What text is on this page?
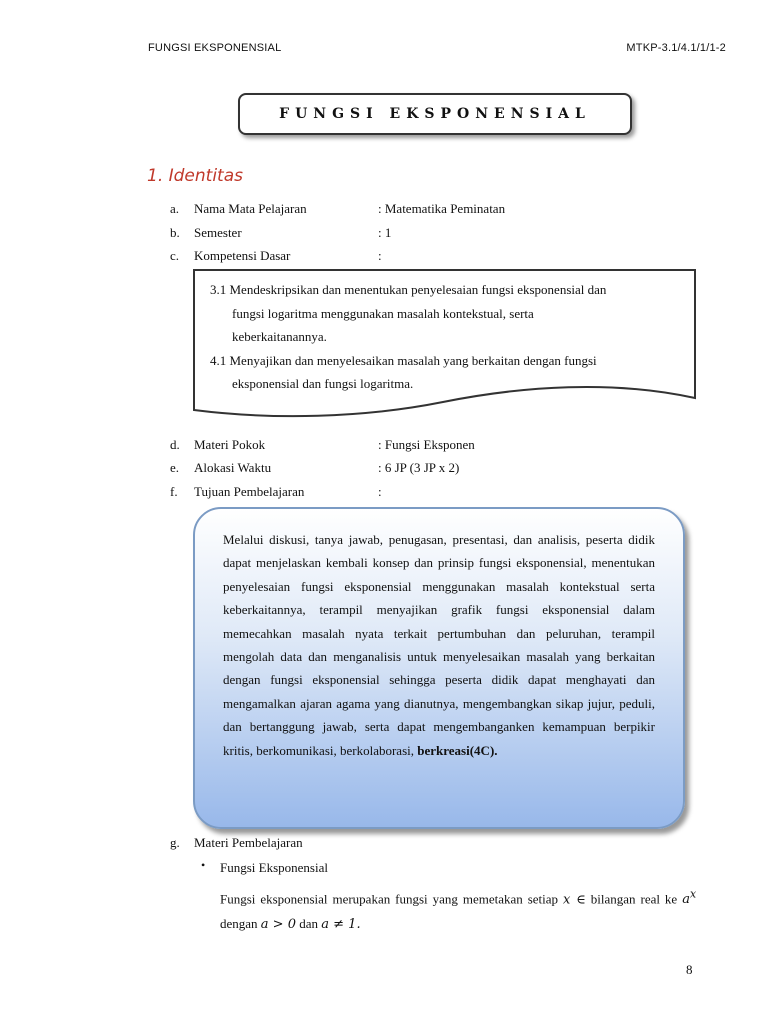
FUNGSI EKSPONENSIAL	MTKP-3.1/4.1/1/1-2
FUNGSI EKSPONENSIAL
1. Identitas
a.	Nama Mata Pelajaran	: Matematika Peminatan
b.	Semester	: 1
c.	Kompetensi Dasar	:
3.1 Mendeskripsikan dan menentukan penyelesaian fungsi eksponensial dan
fungsi logaritma menggunakan masalah kontekstual, serta
keberkaitanannya.
4.1 Menyajikan dan menyelesaikan masalah yang berkaitan dengan fungsi
eksponensial dan fungsi logaritma.
d.	Materi Pokok	: Fungsi Eksponen
e.	Alokasi Waktu	: 6 JP (3 JP x 2)
f.	Tujuan Pembelajaran	:
Melalui diskusi, tanya jawab, penugasan, presentasi, dan analisis, peserta didik dapat menjelaskan kembali konsep dan prinsip fungsi eksponensial, menentukan penyelesaian fungsi eksponensial menggunakan masalah kontekstual serta keberkaitannya, terampil menyajikan grafik fungsi eksponensial dalam memecahkan masalah nyata terkait pertumbuhan dan peluruhan, terampil mengolah data dan menganalisis untuk menyelesaikan masalah yang berkaitan dengan fungsi eksponensial sehingga peserta didik dapat menghayati dan mengamalkan ajaran agama yang dianutnya, mengembangkan sikap jujur, peduli, dan bertanggung jawab, serta dapat mengembanganken kemampuan berpikir kritis, berkomunikasi, berkolaborasi, berkreasi(4C).
g.	Materi Pembelajaran
• Fungsi Eksponensial
Fungsi eksponensial merupakan fungsi yang memetakan setiap x ∈ bilangan real ke $a^x$ dengan a > 0 dan a ≠ 1.
8
